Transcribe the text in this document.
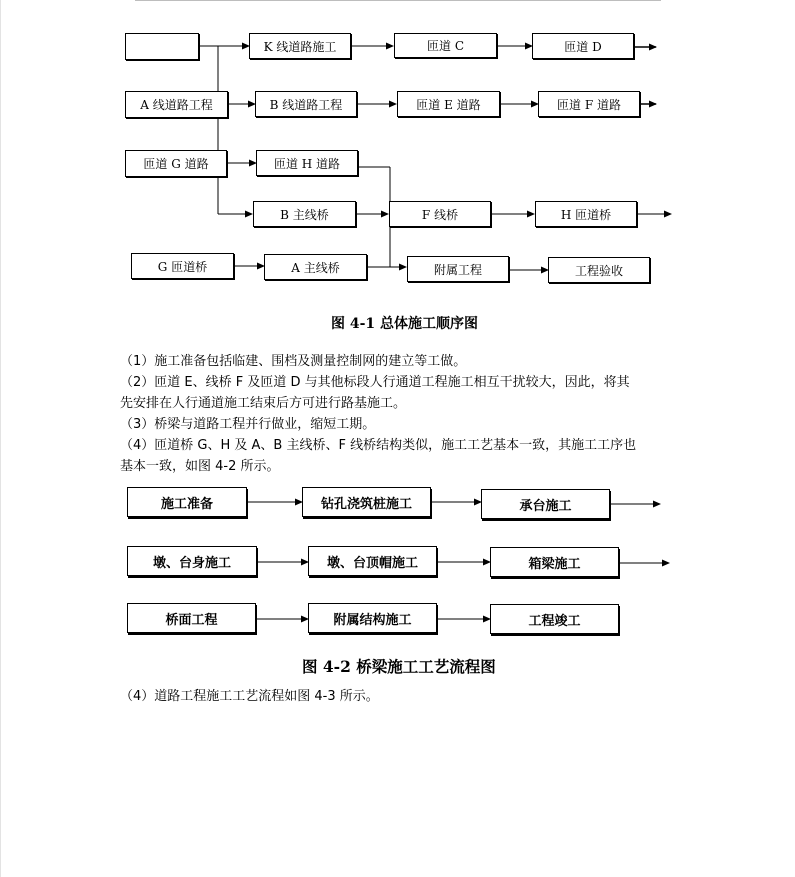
K 线道路施工	匝道 C	匝道 D
A 线道路工程	B 线道路工程	匝道 E 道路	匝道 F 道路
匝道 G 道路	匝道 H 道路
B 主线桥	F 线桥	H 匝道桥
G 匝道桥	A 主线桥	附属工程	工程验收
图 4-1 总体施工顺序图
（1）施工准备包括临建、围档及测量控制网的建立等工做。
（2）匝道 E、线桥 F 及匝道 D 与其他标段人行通道工程施工相互干扰较大，因此，将其
先安排在人行通道施工结束后方可进行路基施工。
（3）桥梁与道路工程并行做业，缩短工期。
（4）匝道桥 G、H 及 A、B 主线桥、F 线桥结构类似，施工工艺基本一致，其施工工序也
基本一致，如图 4-2 所示。
施工准备	钻孔浇筑桩施工	承台施工
墩、台身施工	墩、台顶帽施工	箱梁施工
桥面工程	附属结构施工	工程竣工
图 4-2 桥梁施工工艺流程图
（4）道路工程施工工艺流程如图 4-3 所示。
